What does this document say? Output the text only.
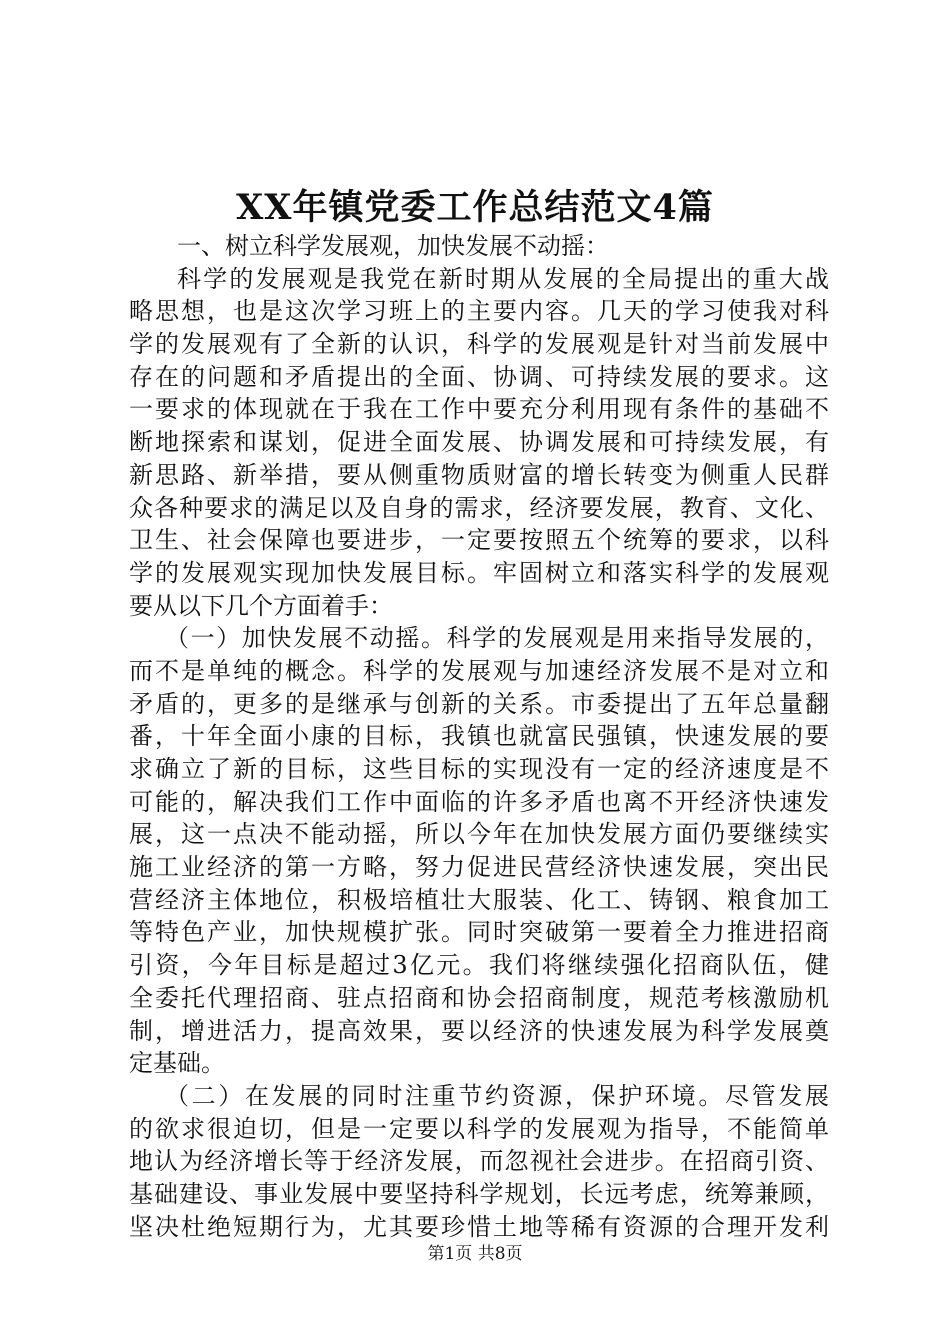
XX年镇党委工作总结范文4篇
一、树立科学发展观，加快发展不动摇：
科学的发展观是我党在新时期从发展的全局提出的重大战
略思想，也是这次学习班上的主要内容。几天的学习使我对科
学的发展观有了全新的认识，科学的发展观是针对当前发展中
存在的问题和矛盾提出的全面、协调、可持续发展的要求。这
一要求的体现就在于我在工作中要充分利用现有条件的基础不
断地探索和谋划，促进全面发展、协调发展和可持续发展，有
新思路、新举措，要从侧重物质财富的增长转变为侧重人民群
众各种要求的满足以及自身的需求，经济要发展，教育、文化、
卫生、社会保障也要进步，一定要按照五个统筹的要求，以科
学的发展观实现加快发展目标。牢固树立和落实科学的发展观
要从以下几个方面着手：
（一）加快发展不动摇。科学的发展观是用来指导发展的，
而不是单纯的概念。科学的发展观与加速经济发展不是对立和
矛盾的，更多的是继承与创新的关系。市委提出了五年总量翻
番，十年全面小康的目标，我镇也就富民强镇，快速发展的要
求确立了新的目标，这些目标的实现没有一定的经济速度是不
可能的，解决我们工作中面临的许多矛盾也离不开经济快速发
展，这一点决不能动摇，所以今年在加快发展方面仍要继续实
施工业经济的第一方略，努力促进民营经济快速发展，突出民
营经济主体地位，积极培植壮大服装、化工、铸钢、粮食加工
等特色产业，加快规模扩张。同时突破第一要着全力推进招商
引资，今年目标是超过3亿元。我们将继续强化招商队伍，健
全委托代理招商、驻点招商和协会招商制度，规范考核激励机
制，增进活力，提高效果，要以经济的快速发展为科学发展奠
定基础。
（二）在发展的同时注重节约资源，保护环境。尽管发展
的欲求很迫切，但是一定要以科学的发展观为指导，不能简单
地认为经济增长等于经济发展，而忽视社会进步。在招商引资、
基础建设、事业发展中要坚持科学规划，长远考虑，统筹兼顾，
坚决杜绝短期行为，尤其要珍惜土地等稀有资源的合理开发利
第1页 共8页
